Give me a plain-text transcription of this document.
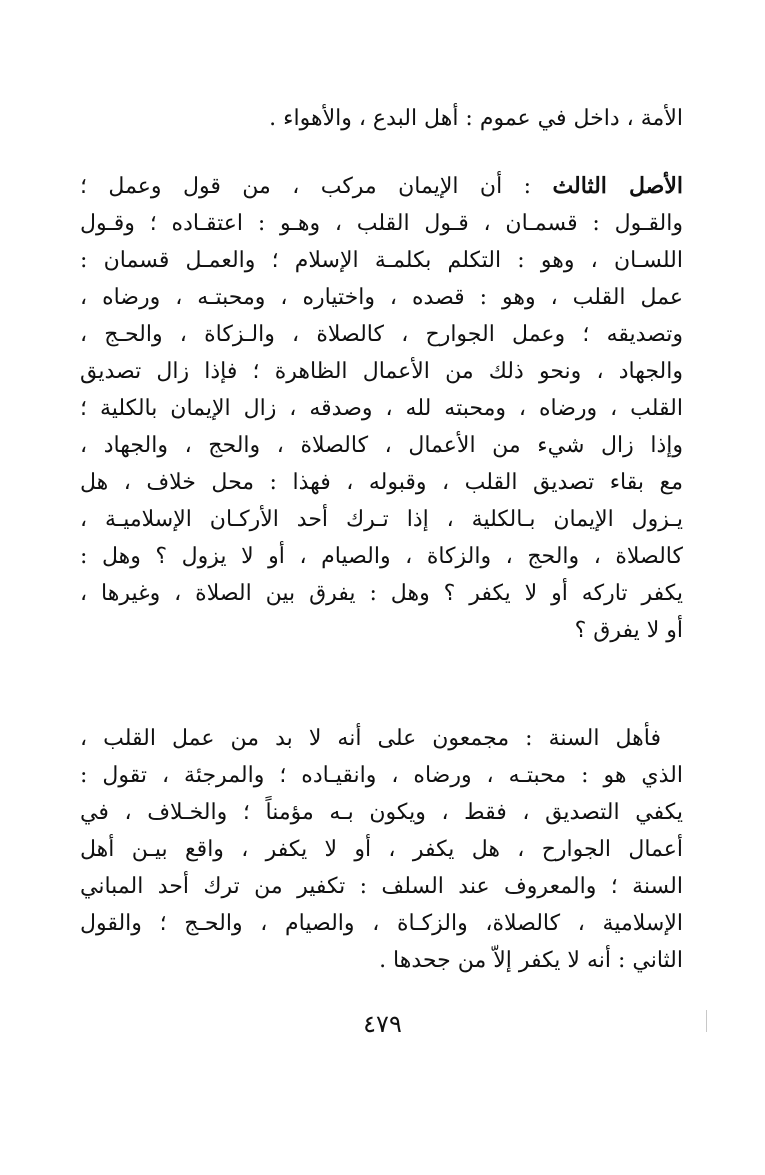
الأمة ، داخل في عموم : أهل البدع ، والأهواء .
الأصل الثالث : أن الإيمان مركب ، من قول وعمل ؛
والقـول : قسمـان ، قـول القلب ، وهـو : اعتقـاده ؛ وقـول
اللسـان ، وهو : التكلم بكلمـة الإسلام ؛ والعمـل قسمان :
عمل القلب ، وهو : قصده ، واختياره ، ومحبتـه ، ورضاه ،
وتصديقه ؛ وعمل الجوارح ، كالصلاة ، والـزكاة ، والحـج ،
والجهاد ، ونحو ذلك من الأعمال الظاهرة ؛ فإذا زال تصديق
القلب ، ورضاه ، ومحبته لله ، وصدقه ، زال الإيمان بالكلية ؛
وإذا زال شيء من الأعمال ، كالصلاة ، والحج ، والجهاد ،
مع بقاء تصديق القلب ، وقبوله ، فهذا : محل خلاف ، هل
يـزول الإيمان بـالكلية ، إذا تـرك أحد الأركـان الإسلاميـة ،
كالصلاة ، والحج ، والزكاة ، والصيام ، أو لا يزول ؟ وهل :
يكفر تاركه أو لا يكفر ؟ وهل : يفرق بين الصلاة ، وغيرها ،
أو لا يفرق ؟
فأهل السنة : مجمعون على أنه لا بد من عمل القلب ،
الذي هو : محبتـه ، ورضاه ، وانقيـاده ؛ والمرجئة ، تقول :
يكفي التصديق ، فقط ، ويكون بـه مؤمناً ؛ والخـلاف ، في
أعمال الجوارح ، هل يكفر ، أو لا يكفر ، واقع بيـن أهل
السنة ؛ والمعروف عند السلف : تكفير من ترك أحد المباني
الإسلامية ، كالصلاة، والزكـاة ، والصيام ، والحـج ؛ والقول
الثاني : أنه لا يكفر إلاّ من جحدها .
٤٧٩
